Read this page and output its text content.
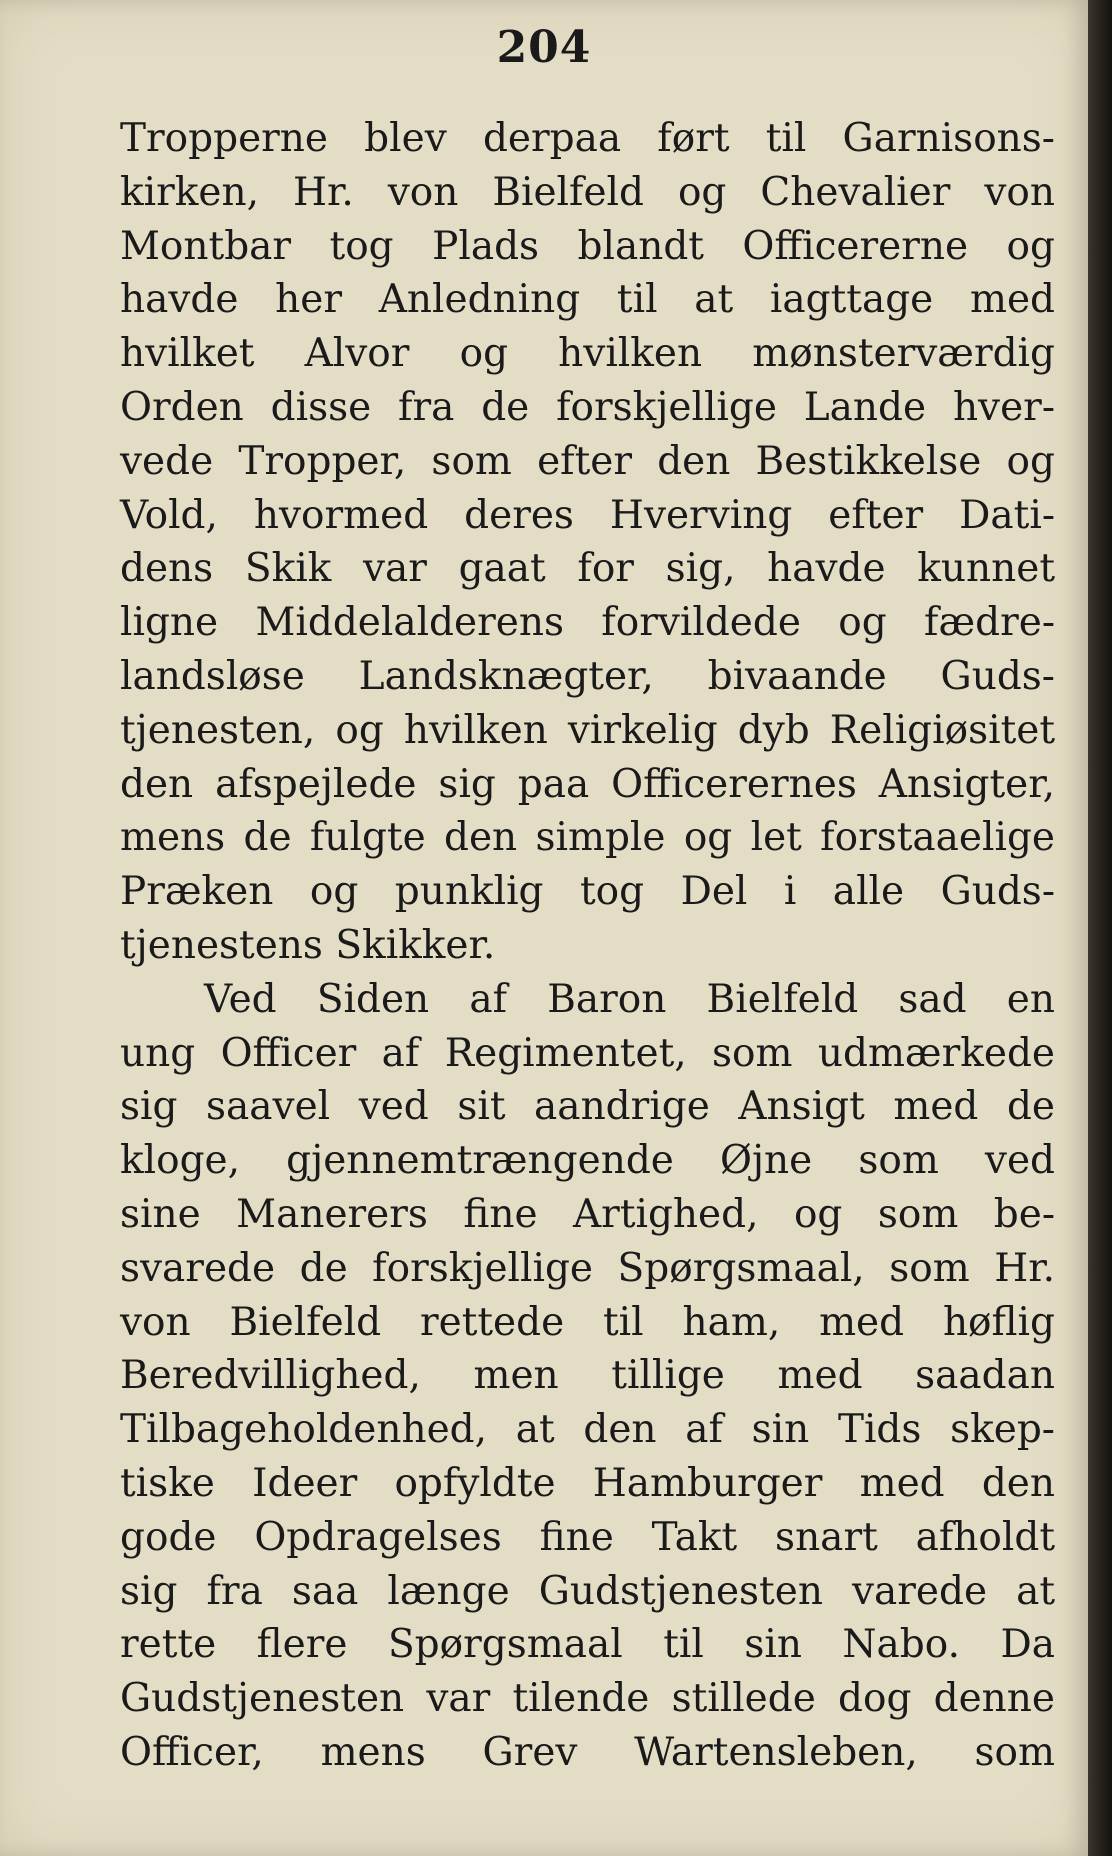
204
Tropperne blev derpaa ført til Garnisons-
kirken, Hr. von Bielfeld og Chevalier von
Montbar tog Plads blandt Officererne og
havde her Anledning til at iagttage med
hvilket Alvor og hvilken mønsterværdig
Orden disse fra de forskjellige Lande hver-
vede Tropper, som efter den Bestikkelse og
Vold, hvormed deres Hverving efter Dati-
dens Skik var gaat for sig, havde kunnet
ligne Middelalderens forvildede og fædre-
landsløse Landsknægter, bivaande Guds-
tjenesten, og hvilken virkelig dyb Religiøsitet
den afspejlede sig paa Officerernes Ansigter,
mens de fulgte den simple og let forstaaelige
Præken og punklig tog Del i alle Guds-
tjenestens Skikker.
Ved Siden af Baron Bielfeld sad en
ung Officer af Regimentet, som udmærkede
sig saavel ved sit aandrige Ansigt med de
kloge, gjennemtrængende Øjne som ved
sine Manerers fine Artighed, og som be-
svarede de forskjellige Spørgsmaal, som Hr.
von Bielfeld rettede til ham, med høflig
Beredvillighed, men tillige med saadan
Tilbageholdenhed, at den af sin Tids skep-
tiske Ideer opfyldte Hamburger med den
gode Opdragelses fine Takt snart afholdt
sig fra saa længe Gudstjenesten varede at
rette flere Spørgsmaal til sin Nabo. Da
Gudstjenesten var tilende stillede dog denne
Officer, mens Grev Wartensleben, som
